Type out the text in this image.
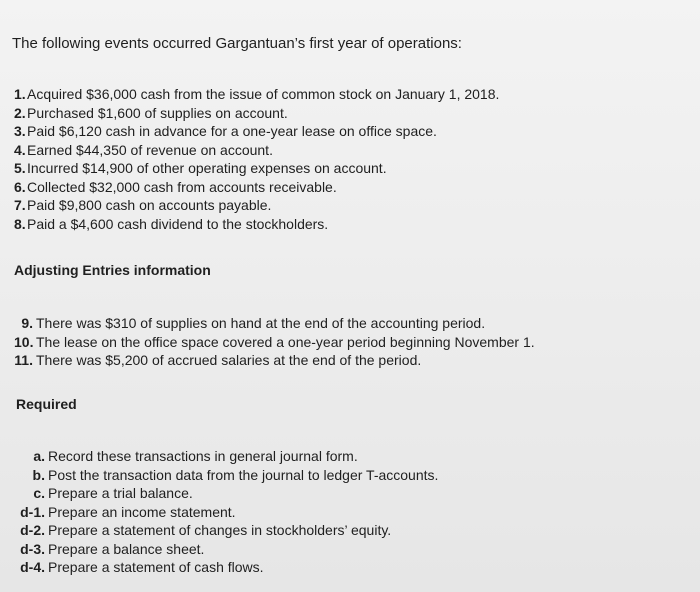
The following events occurred Gargantuan’s first year of operations:

1.Acquired $36,000 cash from the issue of common stock on January 1, 2018.
2.Purchased $1,600 of supplies on account.
3.Paid $6,120 cash in advance for a one-year lease on office space.
4.Earned $44,350 of revenue on account.
5.Incurred $14,900 of other operating expenses on account.
6.Collected $32,000 cash from accounts receivable.
7.Paid $9,800 cash on accounts payable.
8.Paid a $4,600 cash dividend to the stockholders.
Adjusting Entries information
9. There was $310 of supplies on hand at the end of the accounting period.
10. The lease on the office space covered a one-year period beginning November 1.
11. There was $5,200 of accrued salaries at the end of the period.
Required
a. Record these transactions in general journal form.
b. Post the transaction data from the journal to ledger T-accounts.
c. Prepare a trial balance.
d-1. Prepare an income statement.
d-2. Prepare a statement of changes in stockholders’ equity.
d-3. Prepare a balance sheet.
d-4. Prepare a statement of cash flows.
